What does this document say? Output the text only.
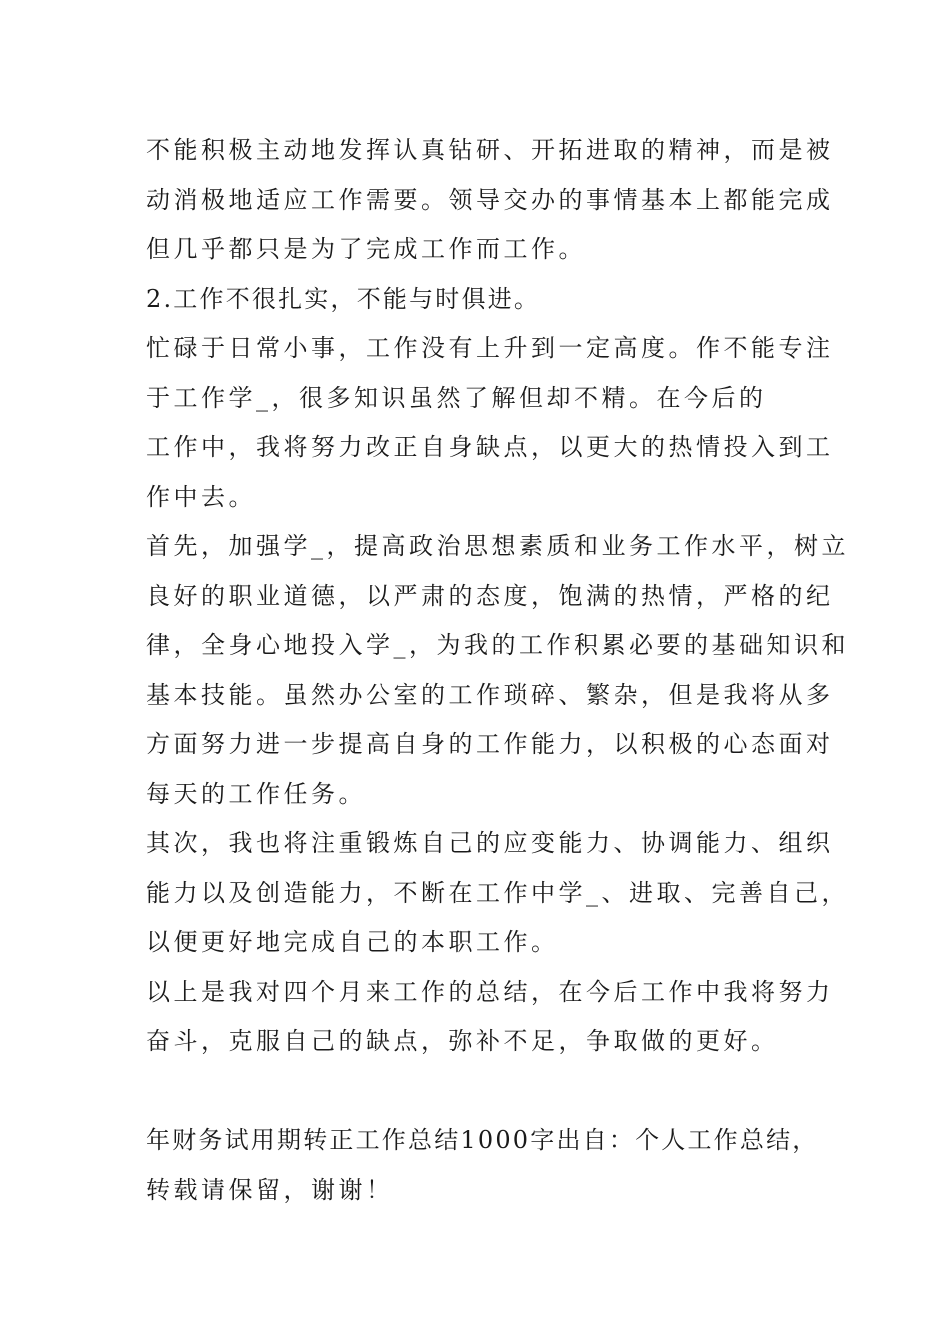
不能积极主动地发挥认真钻研、开拓进取的精神，而是被
动消极地适应工作需要。领导交办的事情基本上都能完成
但几乎都只是为了完成工作而工作。
2.工作不很扎实，不能与时俱进。
忙碌于日常小事，工作没有上升到一定高度。作不能专注
于工作学_，很多知识虽然了解但却不精。在今后的
工作中，我将努力改正自身缺点，以更大的热情投入到工
作中去。
首先，加强学_，提高政治思想素质和业务工作水平，树立
良好的职业道德，以严肃的态度，饱满的热情，严格的纪
律，全身心地投入学_，为我的工作积累必要的基础知识和
基本技能。虽然办公室的工作琐碎、繁杂，但是我将从多
方面努力进一步提高自身的工作能力，以积极的心态面对
每天的工作任务。
其次，我也将注重锻炼自己的应变能力、协调能力、组织
能力以及创造能力，不断在工作中学_、进取、完善自己，
以便更好地完成自己的本职工作。
以上是我对四个月来工作的总结，在今后工作中我将努力
奋斗，克服自己的缺点，弥补不足，争取做的更好。
年财务试用期转正工作总结1000字出自：个人工作总结，
转载请保留，谢谢！
